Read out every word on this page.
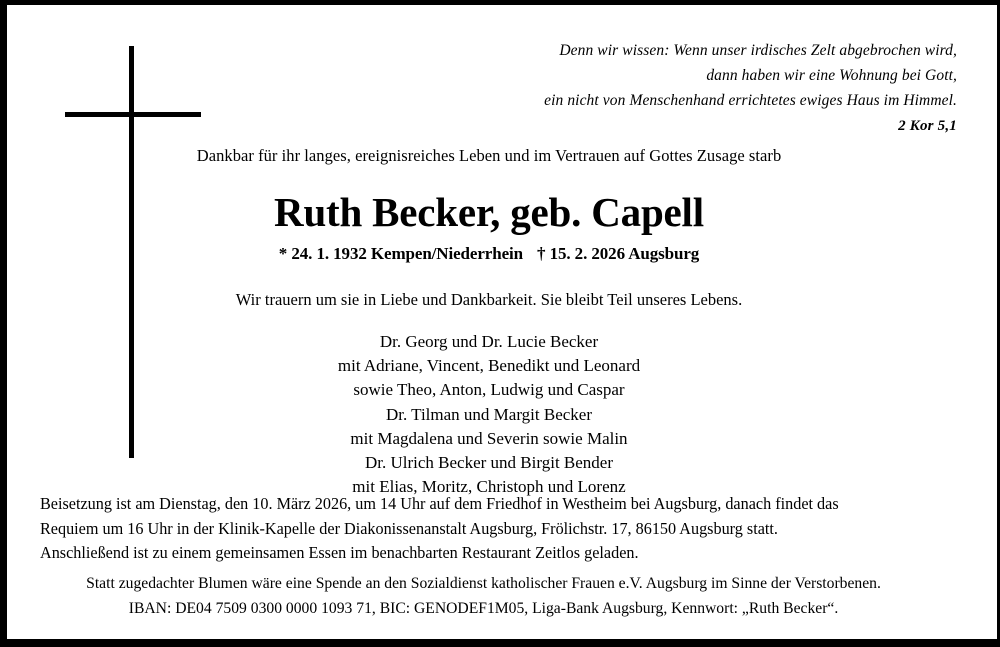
Denn wir wissen: Wenn unser irdisches Zelt abgebrochen wird,
dann haben wir eine Wohnung bei Gott,
ein nicht von Menschenhand errichtetes ewiges Haus im Himmel.
2 Kor 5,1
Dankbar für ihr langes, ereignisreiches Leben und im Vertrauen auf Gottes Zusage starb
Ruth Becker, geb. Capell
* 24. 1. 1932 Kempen/Niederrhein † 15. 2. 2026 Augsburg
Wir trauern um sie in Liebe und Dankbarkeit. Sie bleibt Teil unseres Lebens.
Dr. Georg und Dr. Lucie Becker
mit Adriane, Vincent, Benedikt und Leonard
sowie Theo, Anton, Ludwig und Caspar
Dr. Tilman und Margit Becker
mit Magdalena und Severin sowie Malin
Dr. Ulrich Becker und Birgit Bender
mit Elias, Moritz, Christoph und Lorenz
Beisetzung ist am Dienstag, den 10. März 2026, um 14 Uhr auf dem Friedhof in Westheim bei Augsburg, danach findet das
Requiem um 16 Uhr in der Klinik-Kapelle der Diakonissenanstalt Augsburg, Frölichstr. 17, 86150 Augsburg statt.
Anschließend ist zu einem gemeinsamen Essen im benachbarten Restaurant Zeitlos geladen.
Statt zugedachter Blumen wäre eine Spende an den Sozialdienst katholischer Frauen e.V. Augsburg im Sinne der Verstorbenen.
IBAN: DE04 7509 0300 0000 1093 71, BIC: GENODEF1M05, Liga-Bank Augsburg, Kennwort: „Ruth Becker“.
